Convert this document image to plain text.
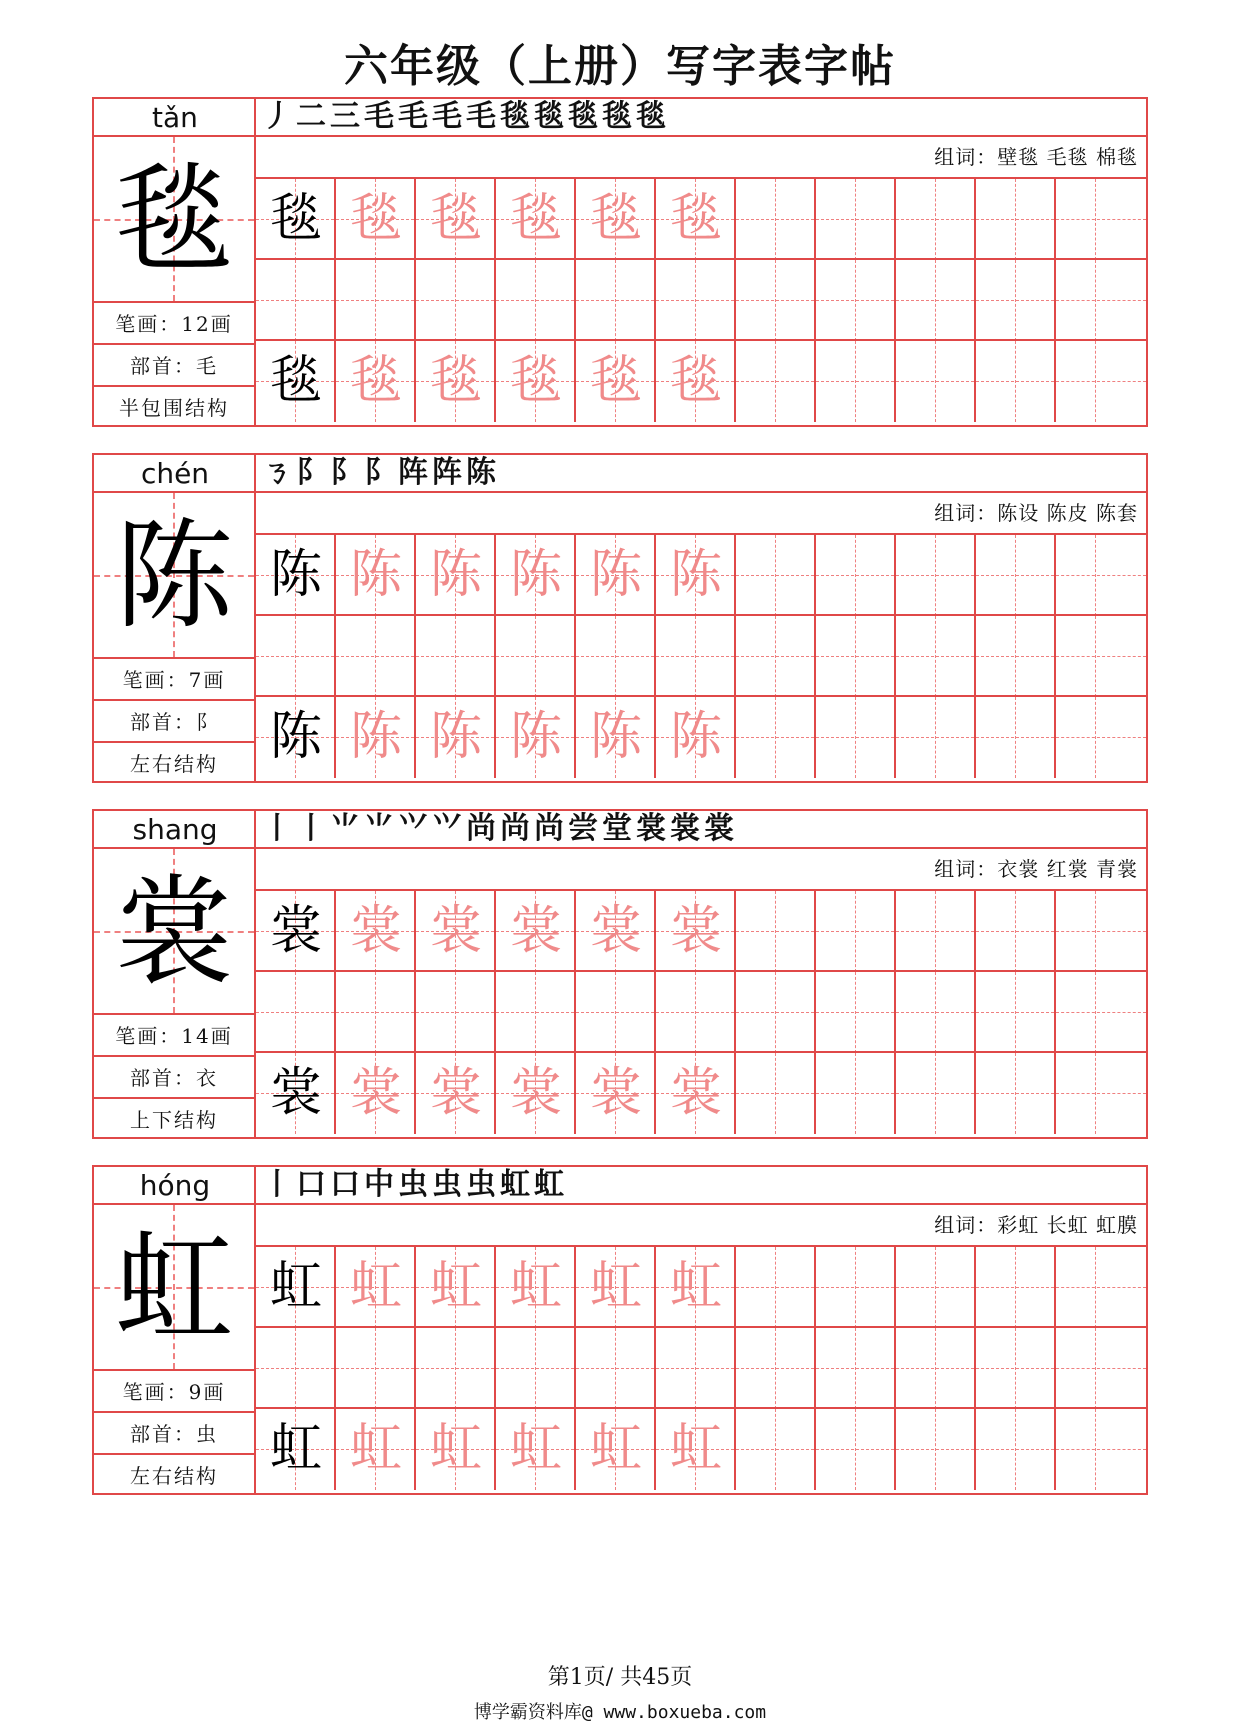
六年级（上册）写字表字帖
tǎn
毯
笔画：12画
部首：毛
半包围结构
丿 二 三 毛 毛 毛 毛 毯 毯 毯 毯 毯
组词：壁毯 毛毯 棉毯
毯 毯 毯 毯 毯 毯
毯 毯 毯 毯 毯 毯
chén
陈
笔画：7画
部首：阝
左右结构
ㄋ 阝 阝 阝 阵 阵 陈
组词：陈设 陈皮 陈套
陈 陈 陈 陈 陈 陈
陈 陈 陈 陈 陈 陈
shang
裳
笔画：14画
部首：衣
上下结构
丨 丨 ⺌ ⺌ ⺍ ⺍ 尚 尚 尚 尝 堂 裳 裳 裳
组词：衣裳 红裳 青裳
裳 裳 裳 裳 裳 裳
裳 裳 裳 裳 裳 裳
hóng
虹
笔画：9画
部首：虫
左右结构
丨 口 口 中 虫 虫 虫 虹 虹
组词：彩虹 长虹 虹膜
虹 虹 虹 虹 虹 虹
虹 虹 虹 虹 虹 虹
第1页/ 共45页
博学霸资料库@ www.boxueba.com
